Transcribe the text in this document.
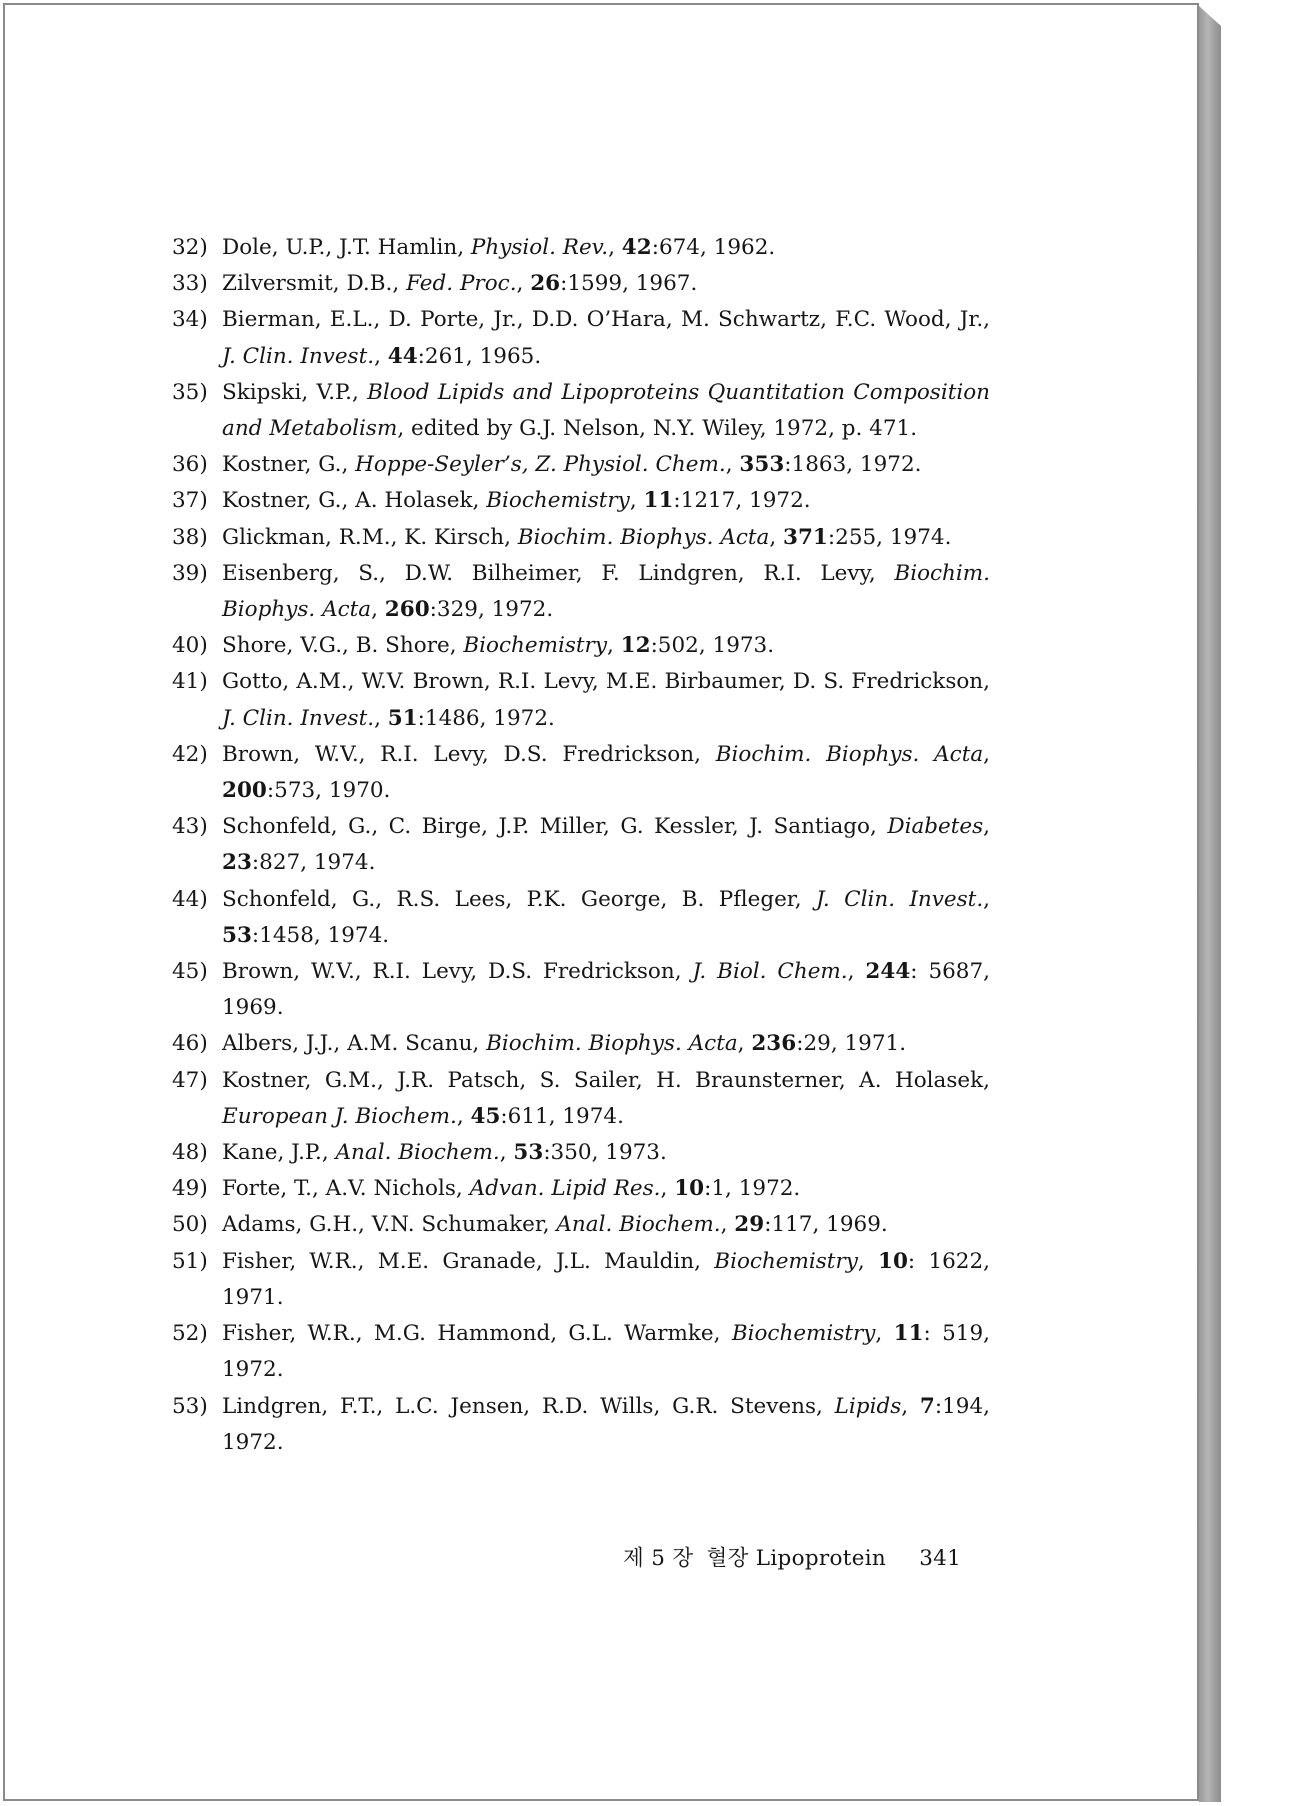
32) Dole, U.P., J.T. Hamlin, Physiol. Rev., 42:674, 1962.
33) Zilversmit, D.B., Fed. Proc., 26:1599, 1967.
34) Bierman, E.L., D. Porte, Jr., D.D. O’Hara, M. Schwartz, F.C. Wood, Jr., J. Clin. Invest., 44:261, 1965.
35) Skipski, V.P., Blood Lipids and Lipoproteins Quantitation Composition and Metabolism, edited by G.J. Nelson, N.Y. Wiley, 1972, p. 471.
36) Kostner, G., Hoppe-Seyler’s, Z. Physiol. Chem., 353:1863, 1972.
37) Kostner, G., A. Holasek, Biochemistry, 11:1217, 1972.
38) Glickman, R.M., K. Kirsch, Biochim. Biophys. Acta, 371:255, 1974.
39) Eisenberg, S., D.W. Bilheimer, F. Lindgren, R.I. Levy, Biochim. Biophys. Acta, 260:329, 1972.
40) Shore, V.G., B. Shore, Biochemistry, 12:502, 1973.
41) Gotto, A.M., W.V. Brown, R.I. Levy, M.E. Birbaumer, D. S. Fredrickson, J. Clin. Invest., 51:1486, 1972.
42) Brown, W.V., R.I. Levy, D.S. Fredrickson, Biochim. Biophys. Acta, 200:573, 1970.
43) Schonfeld, G., C. Birge, J.P. Miller, G. Kessler, J. Santiago, Diabetes, 23:827, 1974.
44) Schonfeld, G., R.S. Lees, P.K. George, B. Pfleger, J. Clin. Invest., 53:1458, 1974.
45) Brown, W.V., R.I. Levy, D.S. Fredrickson, J. Biol. Chem., 244: 5687, 1969.
46) Albers, J.J., A.M. Scanu, Biochim. Biophys. Acta, 236:29, 1971.
47) Kostner, G.M., J.R. Patsch, S. Sailer, H. Braunsterner, A. Holasek, European J. Biochem., 45:611, 1974.
48) Kane, J.P., Anal. Biochem., 53:350, 1973.
49) Forte, T., A.V. Nichols, Advan. Lipid Res., 10:1, 1972.
50) Adams, G.H., V.N. Schumaker, Anal. Biochem., 29:117, 1969.
51) Fisher, W.R., M.E. Granade, J.L. Mauldin, Biochemistry, 10: 1622, 1971.
52) Fisher, W.R., M.G. Hammond, G.L. Warmke, Biochemistry, 11: 519, 1972.
53) Lindgren, F.T., L.C. Jensen, R.D. Wills, G.R. Stevens, Lipids, 7:194, 1972.
제 5 장 혈장 Lipoprotein 341
